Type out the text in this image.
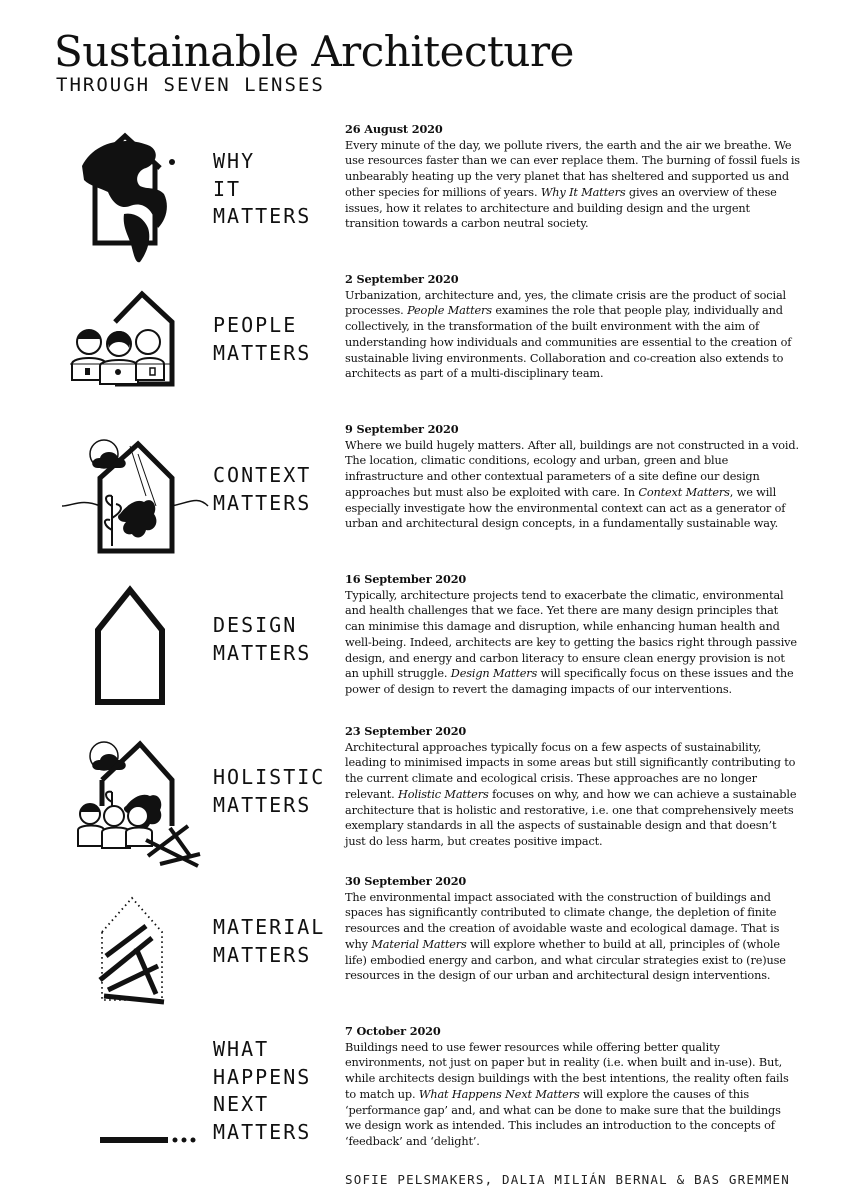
Sustainable Architecture
THROUGH SEVEN LENSES
WHY
IT
MATTERS
26 August 2020
Every minute of the day, we pollute rivers, the earth and the air we breathe. We use resources faster than we can ever replace them. The burning of fossil fuels is unbearably heating up the very planet that has sheltered and supported us and other species for millions of years. Why It Matters gives an overview of these issues, how it relates to architecture and building design and the urgent transition towards a carbon neutral society.
PEOPLE
MATTERS
2 September 2020
Urbanization, architecture and, yes, the climate crisis are the product of social processes. People Matters examines the role that people play, individually and collectively, in the transformation of the built environment with the aim of understanding how individuals and communities are essential to the creation of sustainable living environments. Collaboration and co-creation also extends to architects as part of a multi-disciplinary team.
CONTEXT
MATTERS
9 September 2020
Where we build hugely matters. After all, buildings are not constructed in a void. The location, climatic conditions, ecology and urban, green and blue infrastructure and other contextual parameters of a site define our design approaches but must also be exploited with care. In Context Matters, we will especially investigate how the environmental context can act as a generator of urban and architectural design concepts, in a fundamentally sustainable way.
DESIGN
MATTERS
16 September 2020
Typically, architecture projects tend to exacerbate the climatic, environmental and health challenges that we face. Yet there are many design principles that can minimise this damage and disruption, while enhancing human health and well-being. Indeed, architects are key to getting the basics right through passive design, and energy and carbon literacy to ensure clean energy provision is not an uphill struggle. Design Matters will specifically focus on these issues and the power of design to revert the damaging impacts of our interventions.
HOLISTIC
MATTERS
23 September 2020
Architectural approaches typically focus on a few aspects of sustainability, leading to minimised impacts in some areas but still significantly contributing to the current climate and ecological crisis. These approaches are no longer relevant. Holistic Matters focuses on why, and how we can achieve a sustainable architecture that is holistic and restorative, i.e. one that comprehensively meets exemplary standards in all the aspects of sustainable design and that doesn’t just do less harm, but creates positive impact.
MATERIAL
MATTERS
30 September 2020
The environmental impact associated with the construction of buildings and spaces has significantly contributed to climate change, the depletion of finite resources and the creation of avoidable waste and ecological damage. That is why Material Matters will explore whether to build at all, principles of (whole life) embodied energy and carbon, and what circular strategies exist to (re)use resources in the design of our urban and architectural design interventions.
WHAT
HAPPENS
NEXT
MATTERS
7 October 2020
Buildings need to use fewer resources while offering better quality environments, not just on paper but in reality (i.e. when built and in-use). But, while architects design buildings with the best intentions, the reality often fails to match up. What Happens Next Matters will explore the causes of this ‘performance gap’ and, and what can be done to make sure that the buildings we design work as intended. This includes an introduction to the concepts of ‘feedback’ and ‘delight’.
SOFIE PELSMAKERS, DALIA MILIÁN BERNAL & BAS GREMMEN
